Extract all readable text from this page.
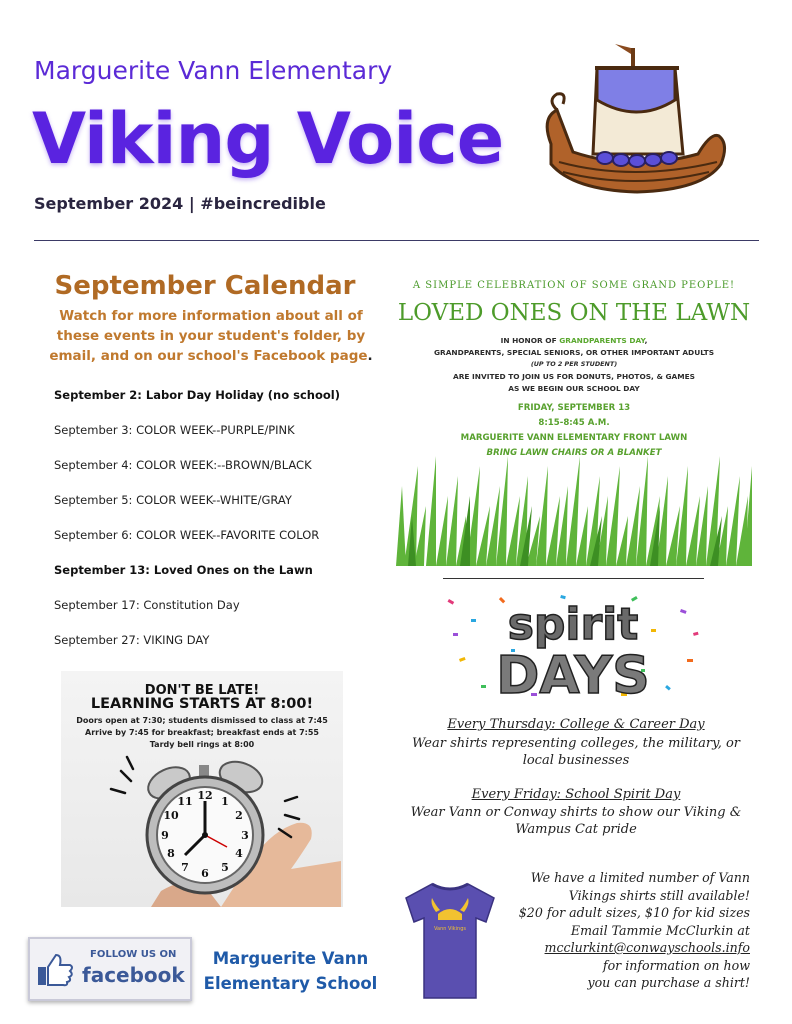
Marguerite Vann Elementary
Viking Voice
September 2024 | #beincredible
September Calendar
Watch for more information about all of these events in your student's folder, by email, and on our school's Facebook page.
September 2: Labor Day Holiday (no school)
September 3: COLOR WEEK--PURPLE/PINK
September 4: COLOR WEEK:--BROWN/BLACK
September 5: COLOR WEEK--WHITE/GRAY
September 6: COLOR WEEK--FAVORITE COLOR
September 13: Loved Ones on the Lawn
September 17: Constitution Day
September 27: VIKING DAY
DON'T BE LATE!
LEARNING STARTS AT 8:00!
Doors open at 7:30; students dismissed to class at 7:45
Arrive by 7:45 for breakfast; breakfast ends at 7:55
Tardy bell rings at 8:00
12 1
2
3
4
5
6
7
8
9
10
11
FOLLOW US ON
facebook
Marguerite Vann Elementary School
A SIMPLE CELEBRATION OF SOME GRAND PEOPLE!
LOVED ONES ON THE LAWN
IN HONOR OF GRANDPARENTS DAY,
GRANDPARENTS, SPECIAL SENIORS, OR OTHER IMPORTANT ADULTS
(UP TO 2 PER STUDENT)
ARE INVITED TO JOIN US FOR DONUTS, PHOTOS, & GAMES
AS WE BEGIN OUR SCHOOL DAY
FRIDAY, SEPTEMBER 13
8:15-8:45 A.M.
MARGUERITE VANN ELEMENTARY FRONT LAWN
BRING LAWN CHAIRS OR A BLANKET
spirit
DAYS
Every Thursday: College & Career Day
Wear shirts representing colleges, the military, or local businesses
Every Friday: School Spirit Day
Wear Vann or Conway shirts to show our Viking & Wampus Cat pride
Vann Vikings
We have a limited number of Vann
Vikings shirts still available!
$20 for adult sizes, $10 for kid sizes
Email Tammie McClurkin at
mcclurkint@conwayschools.info
for information on how
you can purchase a shirt!
